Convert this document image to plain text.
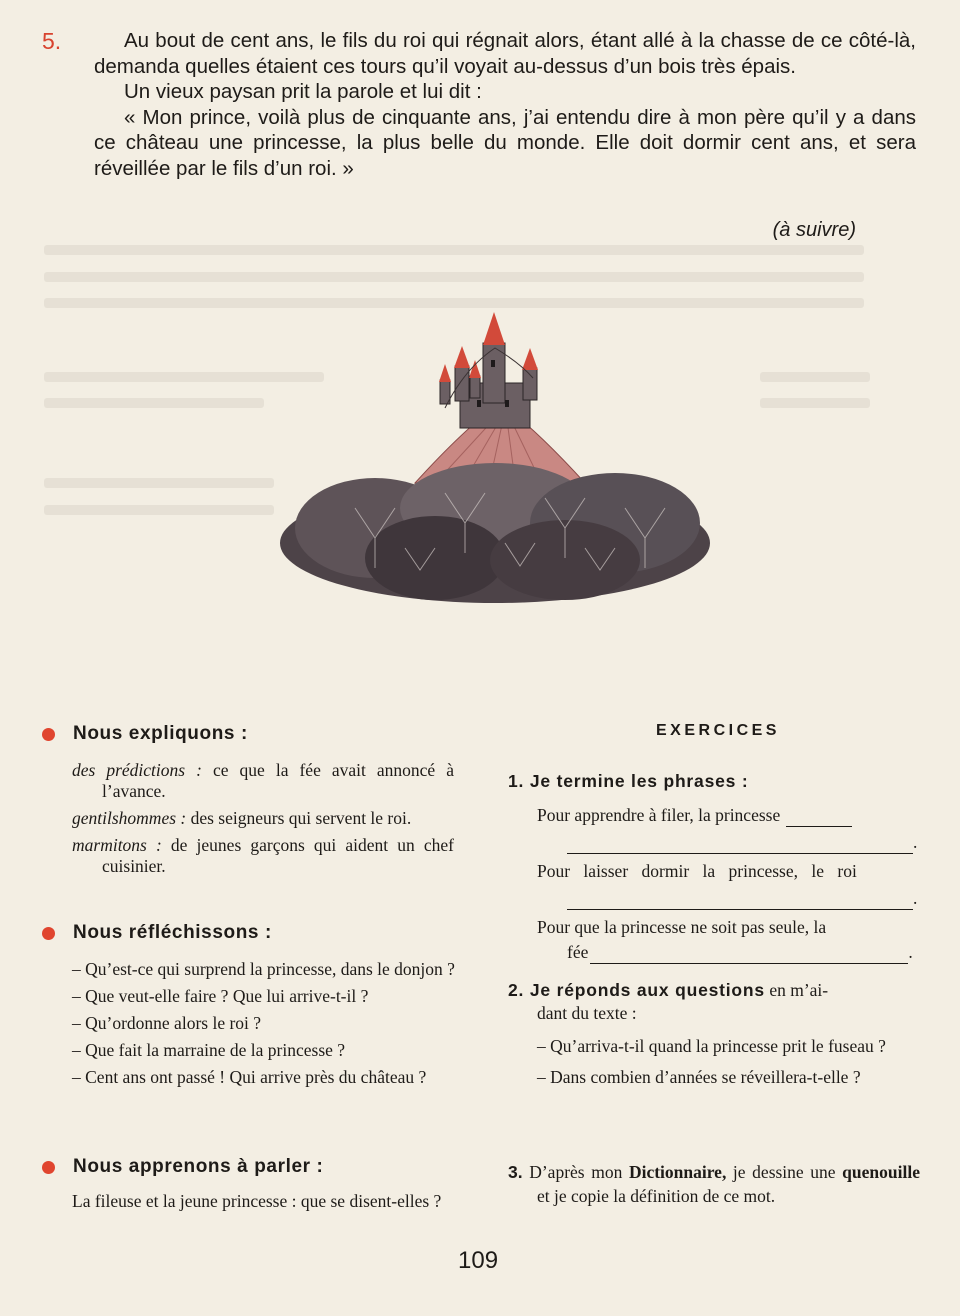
5.	Au bout de cent ans, le fils du roi qui régnait alors, étant allé à la chasse de ce côté-là, demanda quelles étaient ces tours qu’il voyait au-dessus d’un bois très épais.

Un vieux paysan prit la parole et lui dit :

« Mon prince, voilà plus de cinquante ans, j’ai entendu dire à mon père qu’il y a dans ce château une princesse, la plus belle du monde. Elle doit dormir cent ans, et sera réveillée par le fils d’un roi. »

(à suivre)
Nous expliquons :
des prédictions : ce que la fée avait annoncé à l’avance.
gentilshommes : des seigneurs qui servent le roi.
marmitons : de jeunes garçons qui aident un chef cuisinier.
Nous réfléchissons :
– Qu’est-ce qui surprend la princesse, dans le donjon ?
– Que veut-elle faire ? Que lui arrive-t-il ?
– Qu’ordonne alors le roi ?
– Que fait la marraine de la princesse ?
– Cent ans ont passé ! Qui arrive près du château ?
Nous apprenons à parler :
La fileuse et la jeune princesse : que se disent-elles ?
EXERCICES
1. Je termine les phrases :
Pour apprendre à filer, la princesse
.
Pour laisser dormir la princesse, le roi
.
Pour que la princesse ne soit pas seule, la
fée	.
2. Je réponds aux questions en m’ai-
dant du texte :
– Qu’arriva-t-il quand la princesse prit le fuseau ?
– Dans combien d’années se réveillera-t-elle ?
3. D’après mon Dictionnaire, je dessine une quenouille et je copie la définition de ce mot.
109
